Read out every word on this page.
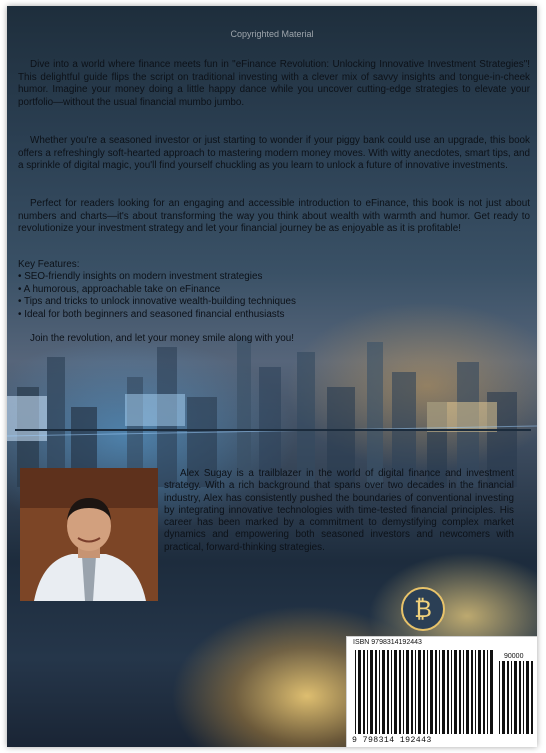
Copyrighted Material
₿

Dive into a world where finance meets fun in "eFinance Revolution: Unlocking Innovative Investment Strategies"! This delightful guide flips the script on traditional investing with a clever mix of savvy insights and tongue-in-cheek humor. Imagine your money doing a little happy dance while you uncover cutting-edge strategies to elevate your portfolio—without the usual financial mumbo jumbo.

Whether you're a seasoned investor or just starting to wonder if your piggy bank could use an upgrade, this book offers a refreshingly soft-hearted approach to mastering modern money moves. With witty anecdotes, smart tips, and a sprinkle of digital magic, you'll find yourself chuckling as you learn to unlock a future of innovative investments.

Perfect for readers looking for an engaging and accessible introduction to eFinance, this book is not just about numbers and charts—it's about transforming the way you think about wealth with warmth and humor. Get ready to revolutionize your investment strategy and let your financial journey be as enjoyable as it is profitable!

Key Features:
• SEO-friendly insights on modern investment strategies
• A humorous, approachable take on eFinance
• Tips and tricks to unlock innovative wealth-building techniques
• Ideal for both beginners and seasoned financial enthusiasts
Join the revolution, and let your money smile along with you!

Alex Sugay is a trailblazer in the world of digital finance and investment strategy. With a rich background that spans over two decades in the financial industry, Alex has consistently pushed the boundaries of conventional investing by integrating innovative technologies with time-tested financial principles. His career has been marked by a commitment to demystifying complex market dynamics and empowering both seasoned investors and newcomers with practical, forward-thinking strategies.

ISBN 9798314192443
90000
9 798314 192443
